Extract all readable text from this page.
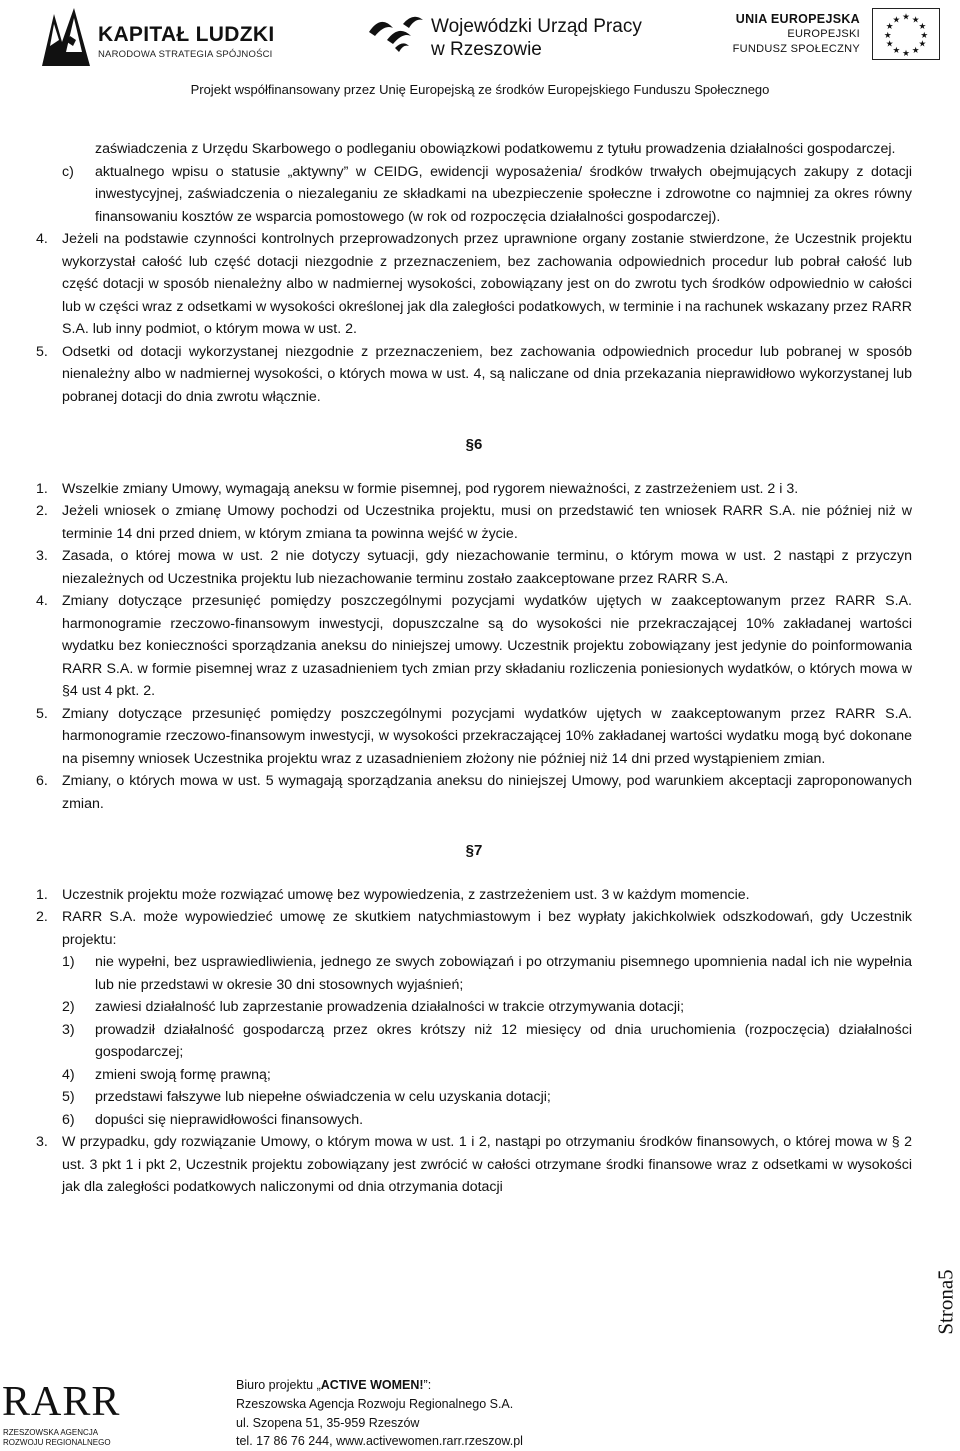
KAPITAŁ LUDZKI
NARODOWA STRATEGIA SPÓJNOŚCI
Wojewódzki Urząd Pracy
w Rzeszowie
UNIA EUROPEJSKA
EUROPEJSKI
FUNDUSZ SPOŁECZNY
★ ★
★
★
★
★
★
★
★
★
★
★
Projekt współfinansowany przez Unię Europejską ze środków Europejskiego Funduszu Społecznego
zaświadczenia z Urzędu Skarbowego o podleganiu obowiązkowi podatkowemu z tytułu prowadzenia działalności gospodarczej.
c)	aktualnego wpisu o statusie „aktywny” w CEIDG, ewidencji wyposażenia/ środków trwałych obejmujących zakupy z dotacji inwestycyjnej, zaświadczenia o niezaleganiu ze składkami na ubezpieczenie społeczne i zdrowotne co najmniej za okres równy finansowaniu kosztów ze wsparcia pomostowego (w rok od rozpoczęcia działalności gospodarczej).
4. Jeżeli na podstawie czynności kontrolnych przeprowadzonych przez uprawnione organy zostanie stwierdzone, że Uczestnik projektu wykorzystał całość lub część dotacji niezgodnie z przeznaczeniem, bez zachowania odpowiednich procedur lub pobrał całość lub część dotacji w sposób nienależny albo w nadmiernej wysokości, zobowiązany jest on do zwrotu tych środków odpowiednio w całości lub w części wraz z odsetkami w wysokości określonej jak dla zaległości podatkowych, w terminie i na rachunek wskazany przez RARR S.A. lub inny podmiot, o którym mowa w ust. 2.
5. Odsetki od dotacji wykorzystanej niezgodnie z przeznaczeniem, bez zachowania odpowiednich procedur lub pobranej w sposób nienależny albo w nadmiernej wysokości, o których mowa w ust. 4, są naliczane od dnia przekazania nieprawidłowo wykorzystanej lub pobranej dotacji do dnia zwrotu włącznie.
§6
1. Wszelkie zmiany Umowy, wymagają aneksu w formie pisemnej, pod rygorem nieważności, z zastrzeżeniem ust. 2 i 3.
2. Jeżeli wniosek o zmianę Umowy pochodzi od Uczestnika projektu, musi on przedstawić ten wniosek RARR S.A. nie później niż w terminie 14 dni przed dniem, w którym zmiana ta powinna wejść w życie.
3. Zasada, o której mowa w ust. 2 nie dotyczy sytuacji, gdy niezachowanie terminu, o którym mowa w ust. 2 nastąpi z przyczyn niezależnych od Uczestnika projektu lub niezachowanie terminu zostało zaakceptowane przez RARR S.A.
4. Zmiany dotyczące przesunięć pomiędzy poszczególnymi pozycjami wydatków ujętych w zaakceptowanym przez RARR S.A. harmonogramie rzeczowo-finansowym inwestycji, dopuszczalne są do wysokości nie przekraczającej 10% zakładanej wartości wydatku bez konieczności sporządzania aneksu do niniejszej umowy. Uczestnik projektu zobowiązany jest jedynie do poinformowania RARR S.A. w formie pisemnej wraz z uzasadnieniem tych zmian przy składaniu rozliczenia poniesionych wydatków, o których mowa w §4 ust 4 pkt. 2.
5. Zmiany dotyczące przesunięć pomiędzy poszczególnymi pozycjami wydatków ujętych w zaakceptowanym przez RARR S.A. harmonogramie rzeczowo-finansowym inwestycji, w wysokości przekraczającej 10% zakładanej wartości wydatku mogą być dokonane na pisemny wniosek Uczestnika projektu wraz z uzasadnieniem złożony nie później niż 14 dni przed wystąpieniem zmian.
6. Zmiany, o których mowa w ust. 5 wymagają sporządzania aneksu do niniejszej Umowy, pod warunkiem akceptacji zaproponowanych zmian.
§7
1. Uczestnik projektu może rozwiązać umowę bez wypowiedzenia, z zastrzeżeniem ust. 3 w każdym momencie.
2. RARR S.A. może wypowiedzieć umowę ze skutkiem natychmiastowym i bez wypłaty jakichkolwiek odszkodowań, gdy Uczestnik projektu:
1)	nie wypełni, bez usprawiedliwienia, jednego ze swych zobowiązań i po otrzymaniu pisemnego upomnienia nadal ich nie wypełnia lub nie przedstawi w okresie 30 dni stosownych wyjaśnień;
2)	zawiesi działalność lub zaprzestanie prowadzenia działalności w trakcie otrzymywania dotacji;
3)	prowadził działalność gospodarczą przez okres krótszy niż 12 miesięcy od dnia uruchomienia (rozpoczęcia) działalności gospodarczej;
4)	zmieni swoją formę prawną;
5)	przedstawi fałszywe lub niepełne oświadczenia w celu uzyskania dotacji;
6)	dopuści się nieprawidłowości finansowych.
3. W przypadku, gdy rozwiązanie Umowy, o którym mowa w ust. 1 i 2, nastąpi po otrzymaniu środków finansowych, o której mowa w § 2 ust. 3 pkt 1 i pkt 2, Uczestnik projektu zobowiązany jest zwrócić w całości otrzymane środki finansowe wraz z odsetkami w wysokości jak dla zaległości podatkowych naliczonymi od dnia otrzymania dotacji
Strona5
RARR
RZESZOWSKA AGENCJA
ROZWOJU REGIONALNEGO
Biuro projektu „ACTIVE WOMEN!”:
Rzeszowska Agencja Rozwoju Regionalnego S.A.
ul. Szopena 51, 35-959 Rzeszów
tel. 17 86 76 244, www.activewomen.rarr.rzeszow.pl
